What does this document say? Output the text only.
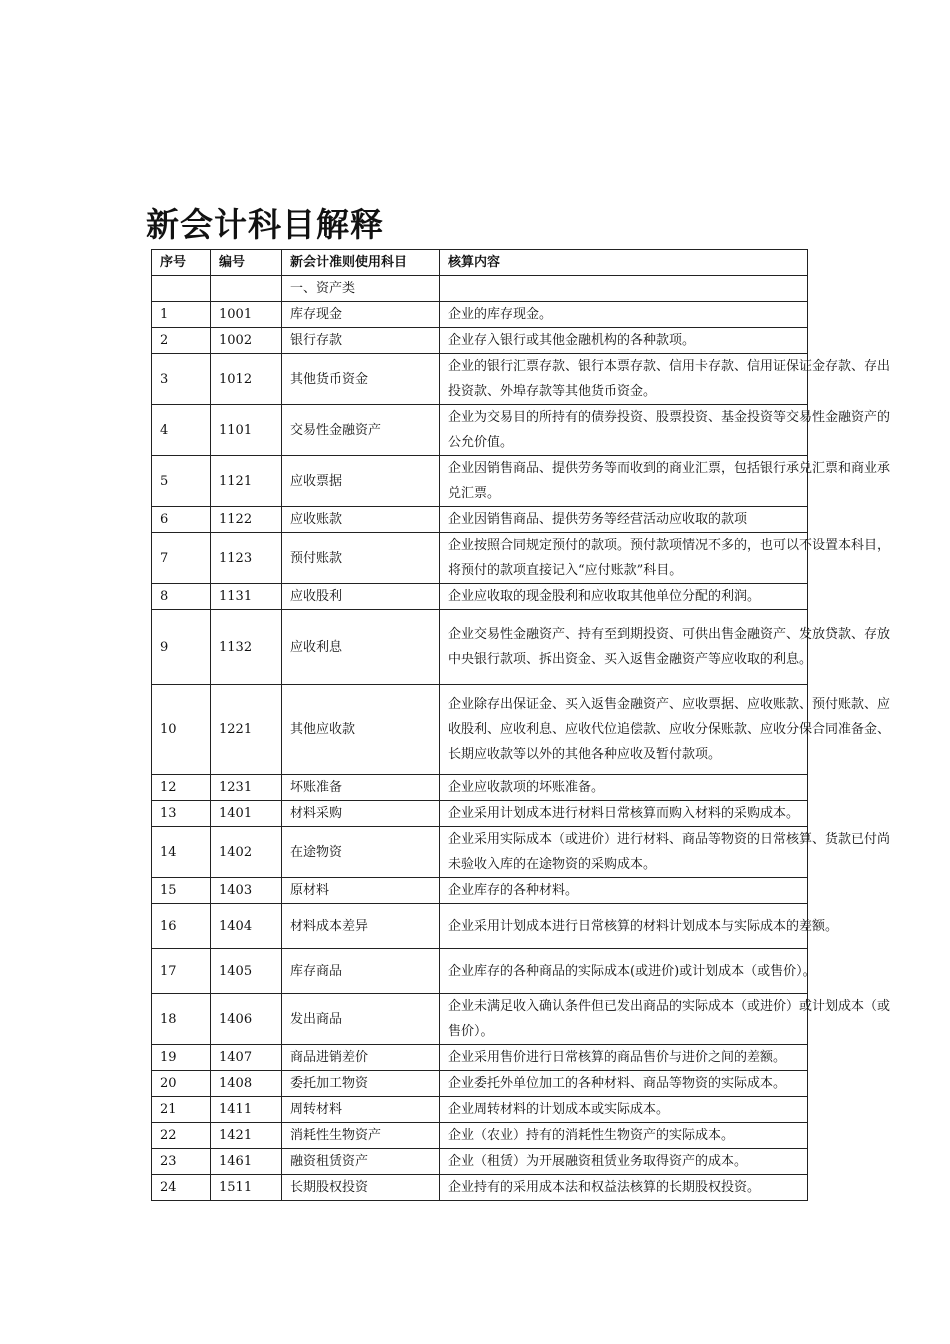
新会计科目解释
序号	编号	新会计准则使用科目	核算内容
		一、资产类	
1	1001	库存现金	企业的库存现金。

2	1002	银行存款	企业存入银行或其他金融机构的各种款项。

3	1012	其他货币资金	企业的银行汇票存款、银行本票存款、信用卡存款、信用证保证金存款、存出投资款、外埠存款等其他货币资金。

4	1101	交易性金融资产	企业为交易目的所持有的债券投资、股票投资、基金投资等交易性金融资产的公允价值。

5	1121	应收票据	企业因销售商品、提供劳务等而收到的商业汇票，包括银行承兑汇票和商业承兑汇票。

6	1122	应收账款	企业因销售商品、提供劳务等经营活动应收取的款项

7	1123	预付账款	企业按照合同规定预付的款项。预付款项情况不多的，也可以不设置本科目，将预付的款项直接记入“应付账款”科目。

8	1131	应收股利	企业应收取的现金股利和应收取其他单位分配的利润。

9	1132	应收利息	企业交易性金融资产、持有至到期投资、可供出售金融资产、发放贷款、存放中央银行款项、拆出资金、买入返售金融资产等应收取的利息。

10	1221	其他应收款	企业除存出保证金、买入返售金融资产、应收票据、应收账款、预付账款、应收股利、应收利息、应收代位追偿款、应收分保账款、应收分保合同准备金、长期应收款等以外的其他各种应收及暂付款项。

12	1231	坏账准备	企业应收款项的坏账准备。

13	1401	材料采购	企业采用计划成本进行材料日常核算而购入材料的采购成本。

14	1402	在途物资	企业采用实际成本（或进价）进行材料、商品等物资的日常核算、货款已付尚未验收入库的在途物资的采购成本。

15	1403	原材料	企业库存的各种材料。

16	1404	材料成本差异	企业采用计划成本进行日常核算的材料计划成本与实际成本的差额。

17	1405	库存商品	企业库存的各种商品的实际成本(或进价)或计划成本（或售价）。

18	1406	发出商品	企业未满足收入确认条件但已发出商品的实际成本（或进价）或计划成本（或售价）。

19	1407	商品进销差价	企业采用售价进行日常核算的商品售价与进价之间的差额。

20	1408	委托加工物资	企业委托外单位加工的各种材料、商品等物资的实际成本。

21	1411	周转材料	企业周转材料的计划成本或实际成本。

22	1421	消耗性生物资产	企业（农业）持有的消耗性生物资产的实际成本。

23	1461	融资租赁资产	企业（租赁）为开展融资租赁业务取得资产的成本。

24	1511	长期股权投资	企业持有的采用成本法和权益法核算的长期股权投资。
